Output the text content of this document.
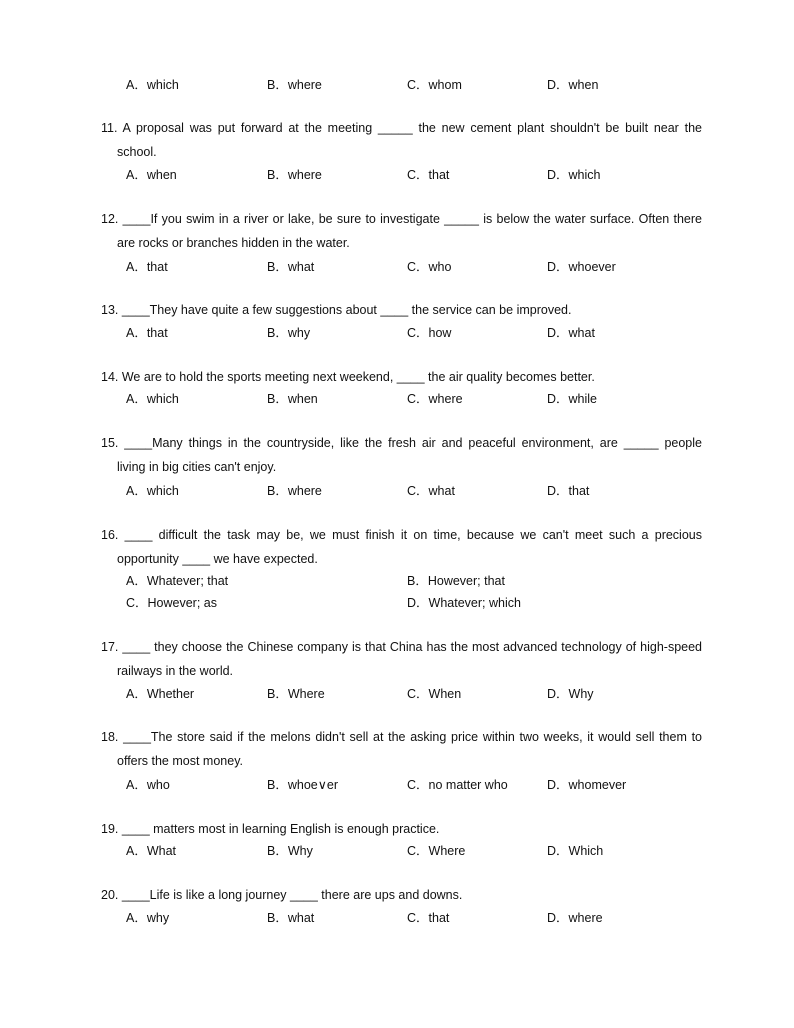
A．which	B．where	C．whom	D．when
11. A proposal was put forward at the meeting _____ the new cement plant shouldn't be built near the
school.
A．when	B．where	C．that	D．which
12. ____If you swim in a river or lake, be sure to investigate _____ is below the water surface. Often there
are rocks or branches hidden in the water.
A．that	B．what	C．who	D．whoever
13. ____They have quite a few suggestions about ____ the service can be improved.
A．that	B．why	C．how	D．what
14. We are to hold the sports meeting next weekend, ____ the air quality becomes better.
A．which	B．when	C．where	D．while
15. ____Many things in the countryside, like the fresh air and peaceful environment, are _____ people
living in big cities can't enjoy.
A．which	B．where	C．what	D．that
16. ____ difficult the task may be, we must finish it on time, because we can't meet such a precious
opportunity ____ we have expected.
A．Whatever; that	B．However; that
C．However; as	D．Whatever; which
17. ____ they choose the Chinese company is that China has the most advanced technology of high-speed
railways in the world.
A．Whether	B．Where	C．When	D．Why
18. ____The store said if the melons didn't sell at the asking price within two weeks, it would sell them to
offers the most money.
A．who	B．whoe∨er	C．no matter who	D．whomever
19. ____ matters most in learning English is enough practice.
A．What	B．Why	C．Where	D．Which
20. ____Life is like a long journey ____ there are ups and downs.
A．why	B．what	C．that	D．where
